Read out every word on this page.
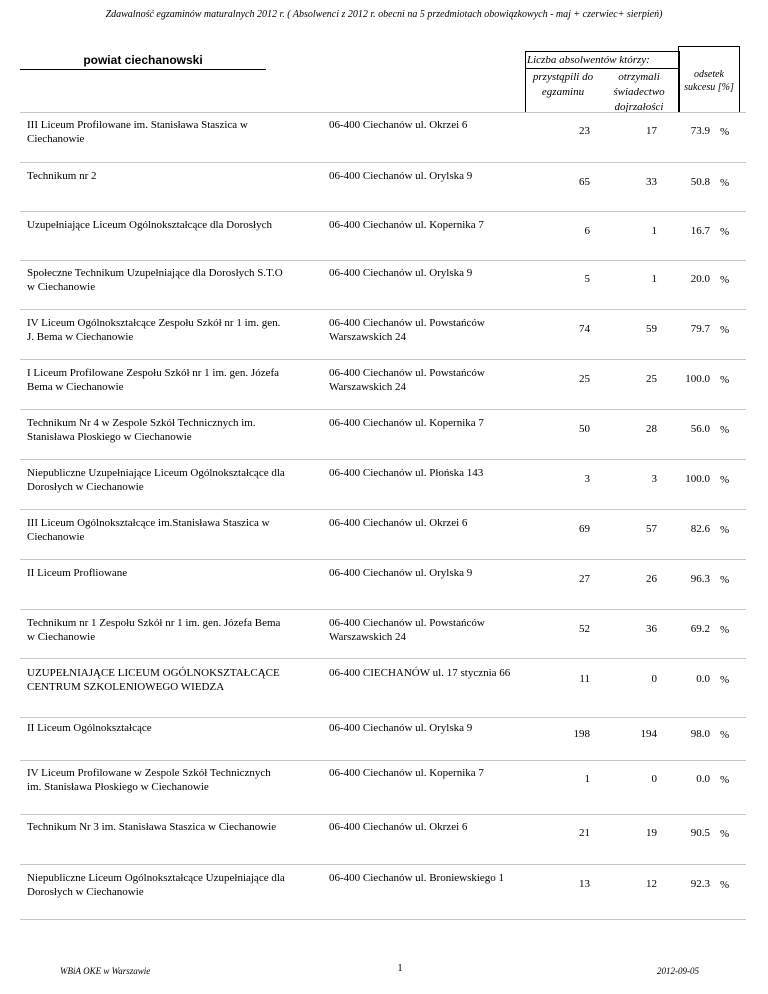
Zdawalność egzaminów maturalnych 2012 r. ( Absolwenci z 2012 r. obecni na 5 przedmiotach obowiązkowych - maj + czerwiec+ sierpień)
powiat ciechanowski	Liczba absolwentów którzy:
przystąpili do egzaminu
otrzymali świadectwo dojrzałości
odsetek sukcesu [%]
III Liceum Profilowane im. Stanisława Staszica w Ciechanowie
06-400 Ciechanów ul. Okrzei 6	23	17	73.9 %
Technikum nr 2	06-400 Ciechanów ul. Orylska 9	65	33	50.8 %
Uzupełniające Liceum Ogólnokształcące dla Dorosłych	06-400 Ciechanów ul. Kopernika 7	6	1	16.7 %
Społeczne Technikum Uzupełniające dla Dorosłych S.T.O w Ciechanowie
06-400 Ciechanów ul. Orylska 9	5	1	20.0 %
IV Liceum Ogólnokształcące Zespołu Szkół nr 1 im. gen. J. Bema w Ciechanowie
06-400 Ciechanów ul. Powstańców Warszawskich 24
74	59	79.7 %
I Liceum Profilowane Zespołu Szkół nr 1 im. gen. Józefa Bema w Ciechanowie
06-400 Ciechanów ul. Powstańców Warszawskich 24
25	25	100.0 %
Technikum Nr 4 w Zespole Szkół Technicznych im. Stanisława Płoskiego w Ciechanowie
06-400 Ciechanów ul. Kopernika 7	50	28	56.0 %
Niepubliczne Uzupełniające Liceum Ogólnokształcące dla Dorosłych w Ciechanowie
06-400 Ciechanów ul. Płońska 143	3	3	100.0 %
III Liceum Ogólnokształcące im.Stanisława Staszica w Ciechanowie
06-400 Ciechanów ul. Okrzei 6	69	57	82.6 %
II Liceum Profliowane	06-400 Ciechanów ul. Orylska 9	27	26	96.3 %
Technikum nr 1 Zespołu Szkół nr 1 im. gen. Józefa Bema w Ciechanowie
06-400 Ciechanów ul. Powstańców Warszawskich 24
52	36	69.2 %
UZUPEŁNIAJĄCE LICEUM OGÓLNOKSZTAŁCĄCE CENTRUM SZKOLENIOWEGO WIEDZA
06-400 CIECHANÓW ul. 17 stycznia 66	11	0	0.0 %
II Liceum Ogólnokształcące	06-400 Ciechanów ul. Orylska 9	198	194	98.0 %
IV Liceum Profilowane w Zespole Szkół Technicznych im. Stanisława Płoskiego w Ciechanowie
06-400 Ciechanów ul. Kopernika 7	1	0	0.0 %
Technikum Nr 3 im. Stanisława Staszica w Ciechanowie	06-400 Ciechanów ul. Okrzei 6	21	19	90.5 %
Niepubliczne Liceum Ogólnokształcące Uzupełniające dla Dorosłych w Ciechanowie
06-400 Ciechanów ul. Broniewskiego 1	13	12	92.3 %
WBiA OKE w Warszawie	1	2012-09-05
